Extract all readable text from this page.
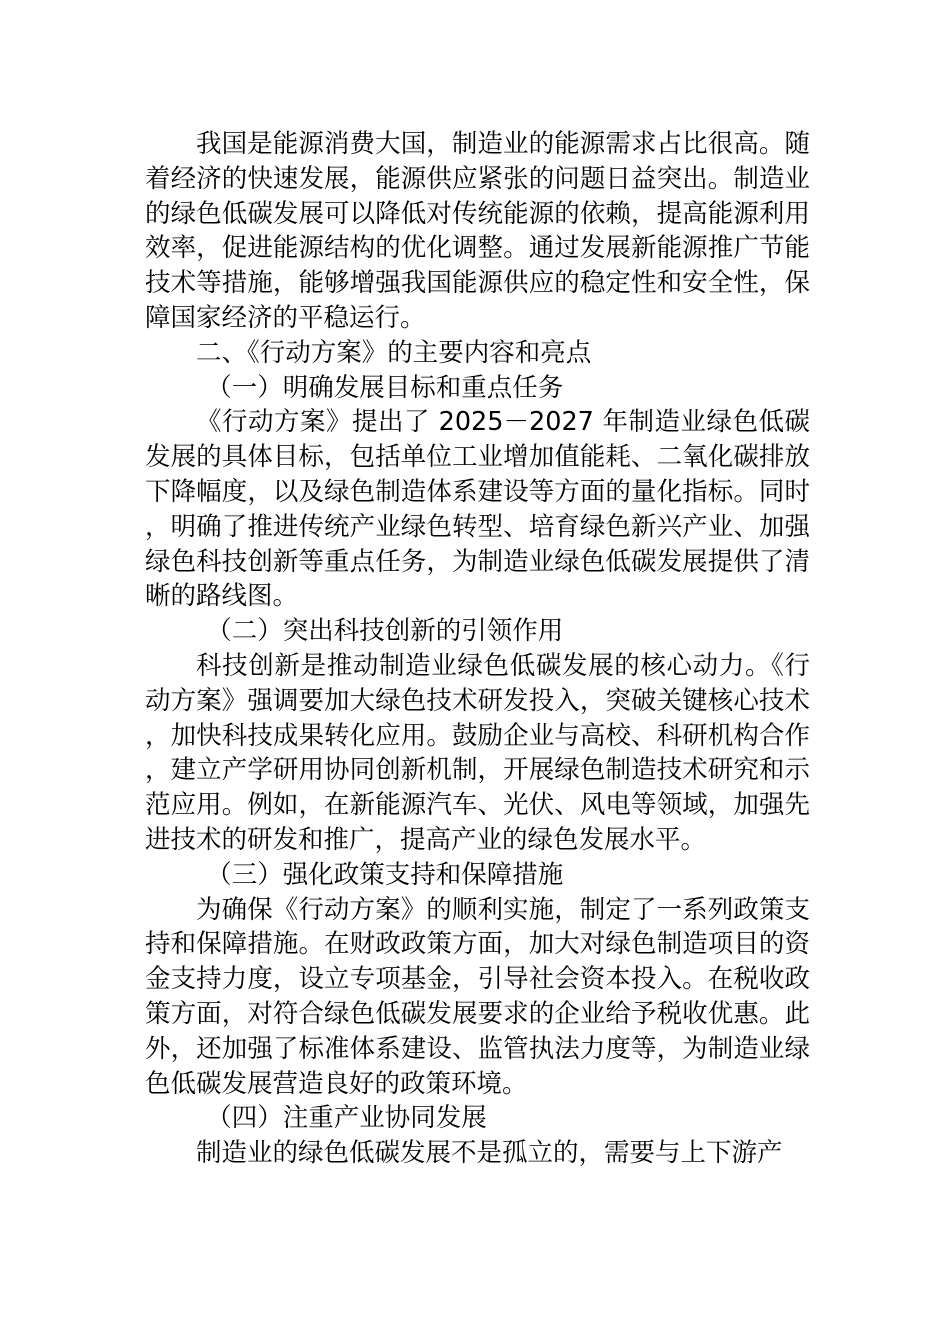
我国是能源消费大国，制造业的能源需求占比很高。随着经济的快速发展，能源供应紧张的问题日益突出。制造业的绿色低碳发展可以降低对传统能源的依赖，提高能源利用效率，促进能源结构的优化调整。通过发展新能源推广节能技术等措施，能够增强我国能源供应的稳定性和安全性，保障国家经济的平稳运行。

二、《行动方案》的主要内容和亮点

（一）明确发展目标和重点任务

《行动方案》提出了 2025－2027 年制造业绿色低碳发展的具体目标，包括单位工业增加值能耗、二氧化碳排放下降幅度，以及绿色制造体系建设等方面的量化指标。同时，明确了推进传统产业绿色转型、培育绿色新兴产业、加强绿色科技创新等重点任务，为制造业绿色低碳发展提供了清晰的路线图。

（二）突出科技创新的引领作用

科技创新是推动制造业绿色低碳发展的核心动力。《行动方案》强调要加大绿色技术研发投入，突破关键核心技术，加快科技成果转化应用。鼓励企业与高校、科研机构合作，建立产学研用协同创新机制，开展绿色制造技术研究和示范应用。例如，在新能源汽车、光伏、风电等领域，加强先进技术的研发和推广，提高产业的绿色发展水平。

（三）强化政策支持和保障措施

为确保《行动方案》的顺利实施，制定了一系列政策支持和保障措施。在财政政策方面，加大对绿色制造项目的资金支持力度，设立专项基金，引导社会资本投入。在税收政策方面，对符合绿色低碳发展要求的企业给予税收优惠。此外，还加强了标准体系建设、监管执法力度等，为制造业绿色低碳发展营造良好的政策环境。

（四）注重产业协同发展

制造业的绿色低碳发展不是孤立的，需要与上下游产
